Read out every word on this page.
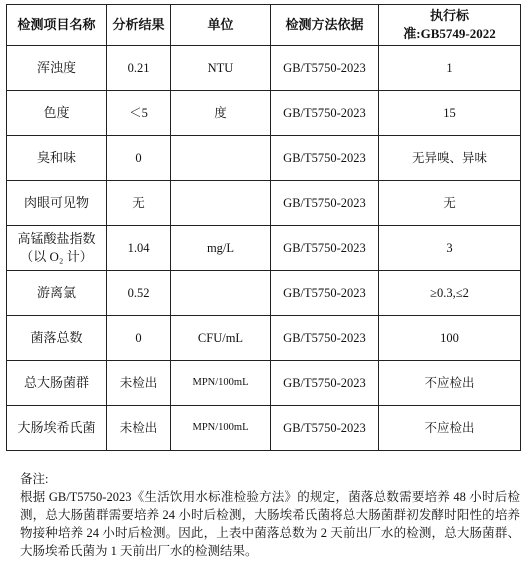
检测项目名称	分析结果	单位	检测方法依据	执行标
准:GB5749-2022

浑浊度	0.21	NTU	GB/T5750-2023	1
色度	＜5	度	GB/T5750-2023	15
臭和味	0		GB/T5750-2023	无异嗅、异味
肉眼可见物	无		GB/T5750-2023	无

高锰酸盐指数
（以 O₂ 计）	1.04	mg/L	GB/T5750-2023	3
游离氯	0.52		GB/T5750-2023	≥0.3,≤2
菌落总数	0	CFU/mL	GB/T5750-2023	100
总大肠菌群	未检出	MPN/100mL	GB/T5750-2023	不应检出
大肠埃希氏菌	未检出	MPN/100mL	GB/T5750-2023	不应检出

备注:

根据 GB/T5750-2023《生活饮用水标准检验方法》的规定，菌落总数需要培养 48 小时后检测，总大肠菌群需要培养 24 小时后检测，大肠埃希氏菌将总大肠菌群初发酵时阳性的培养物接种培养 24 小时后检测。因此，上表中菌落总数为 2 天前出厂水的检测，总大肠菌群、大肠埃希氏菌为 1 天前出厂水的检测结果。
